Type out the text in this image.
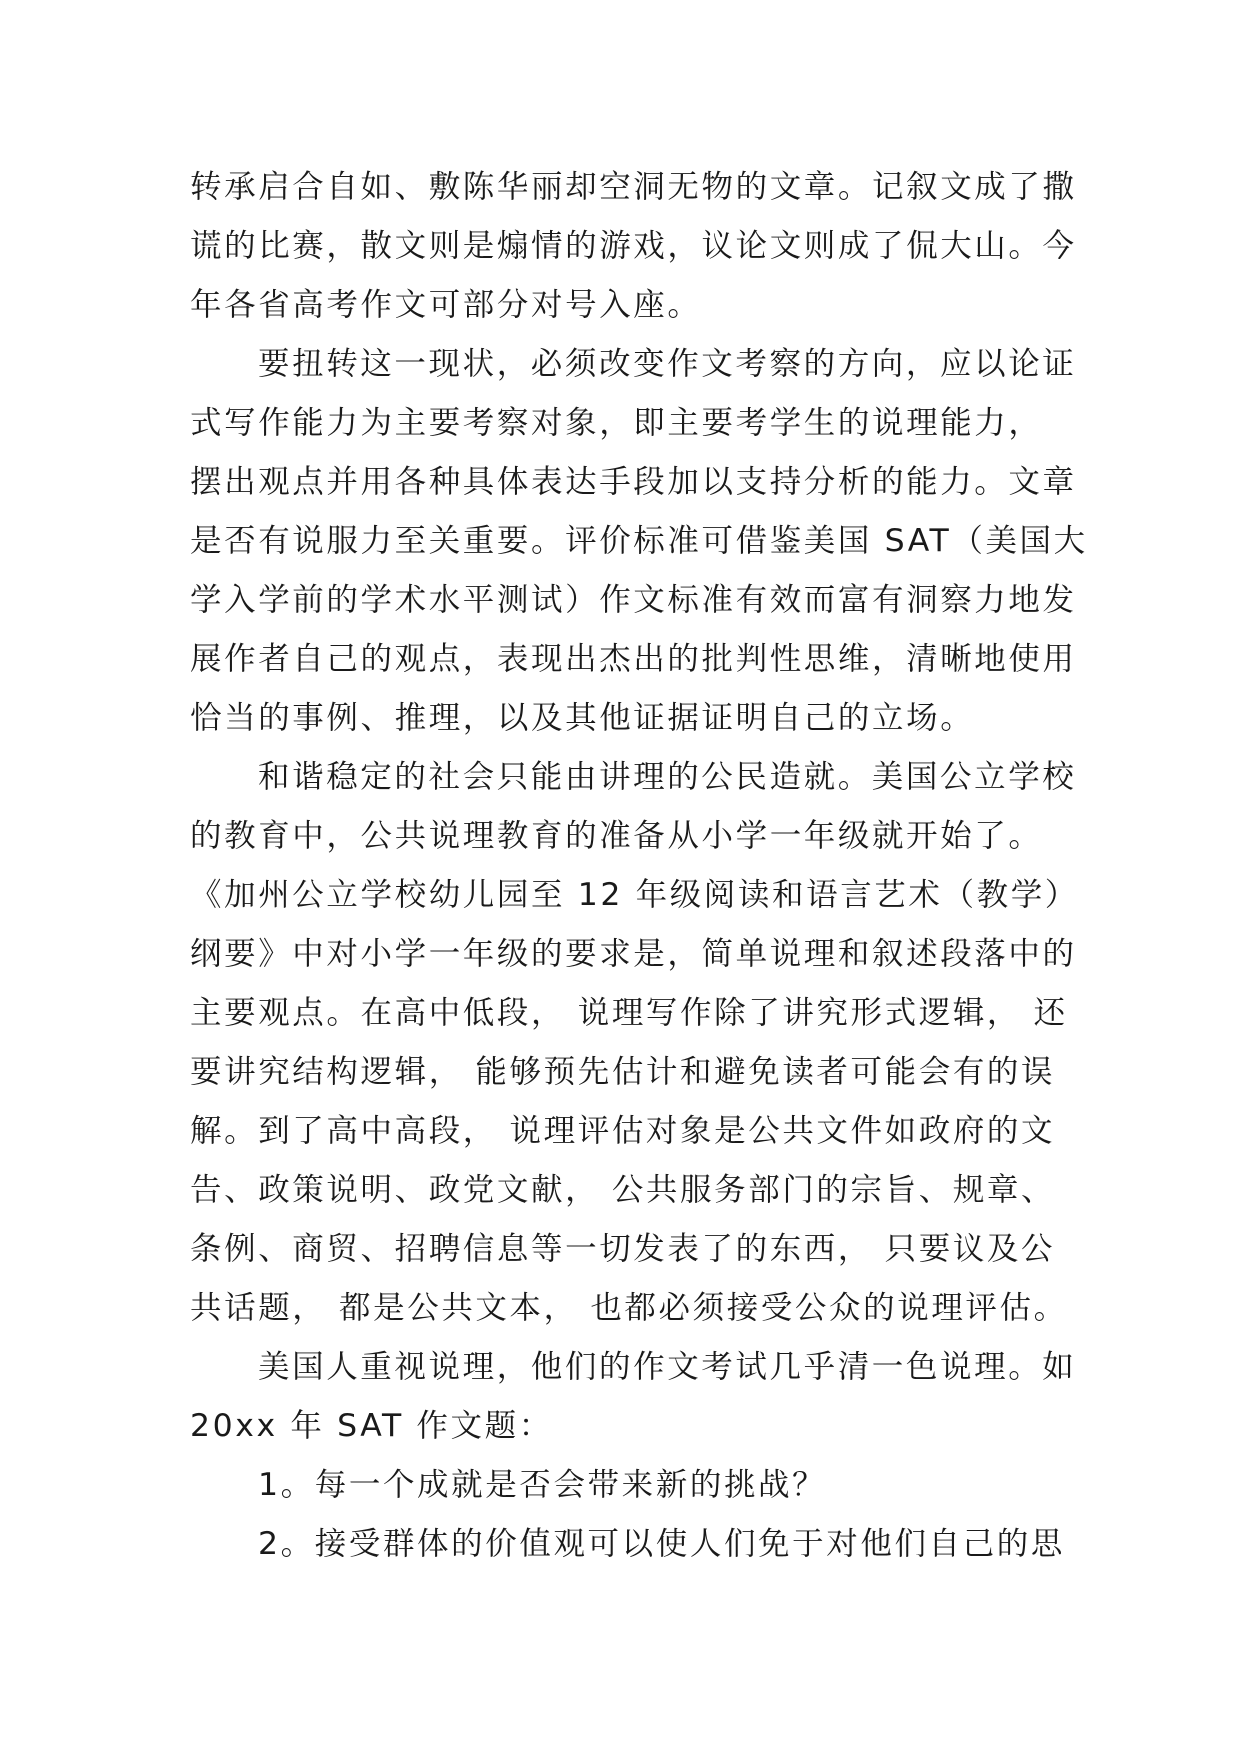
转承启合自如、敷陈华丽却空洞无物的文章。记叙文成了撒
谎的比赛，散文则是煽情的游戏，议论文则成了侃大山。今
年各省高考作文可部分对号入座。
要扭转这一现状，必须改变作文考察的方向，应以论证
式写作能力为主要考察对象，即主要考学生的说理能力，
摆出观点并用各种具体表达手段加以支持分析的能力。文章
是否有说服力至关重要。评价标准可借鉴美国 SAT（美国大
学入学前的学术水平测试）作文标准有效而富有洞察力地发
展作者自己的观点，表现出杰出的批判性思维，清晰地使用
恰当的事例、推理，以及其他证据证明自己的立场。
和谐稳定的社会只能由讲理的公民造就。美国公立学校
的教育中，公共说理教育的准备从小学一年级就开始了。
《加州公立学校幼儿园至 12 年级阅读和语言艺术（教学）
纲要》中对小学一年级的要求是，简单说理和叙述段落中的
主要观点。在高中低段， 说理写作除了讲究形式逻辑， 还
要讲究结构逻辑， 能够预先估计和避免读者可能会有的误
解。到了高中高段， 说理评估对象是公共文件如政府的文
告、政策说明、政党文献， 公共服务部门的宗旨、规章、
条例、商贸、招聘信息等一切发表了的东西， 只要议及公
共话题， 都是公共文本， 也都必须接受公众的说理评估。
美国人重视说理，他们的作文考试几乎清一色说理。如
20xx 年 SAT 作文题：
1。每一个成就是否会带来新的挑战？
2。接受群体的价值观可以使人们免于对他们自己的思
